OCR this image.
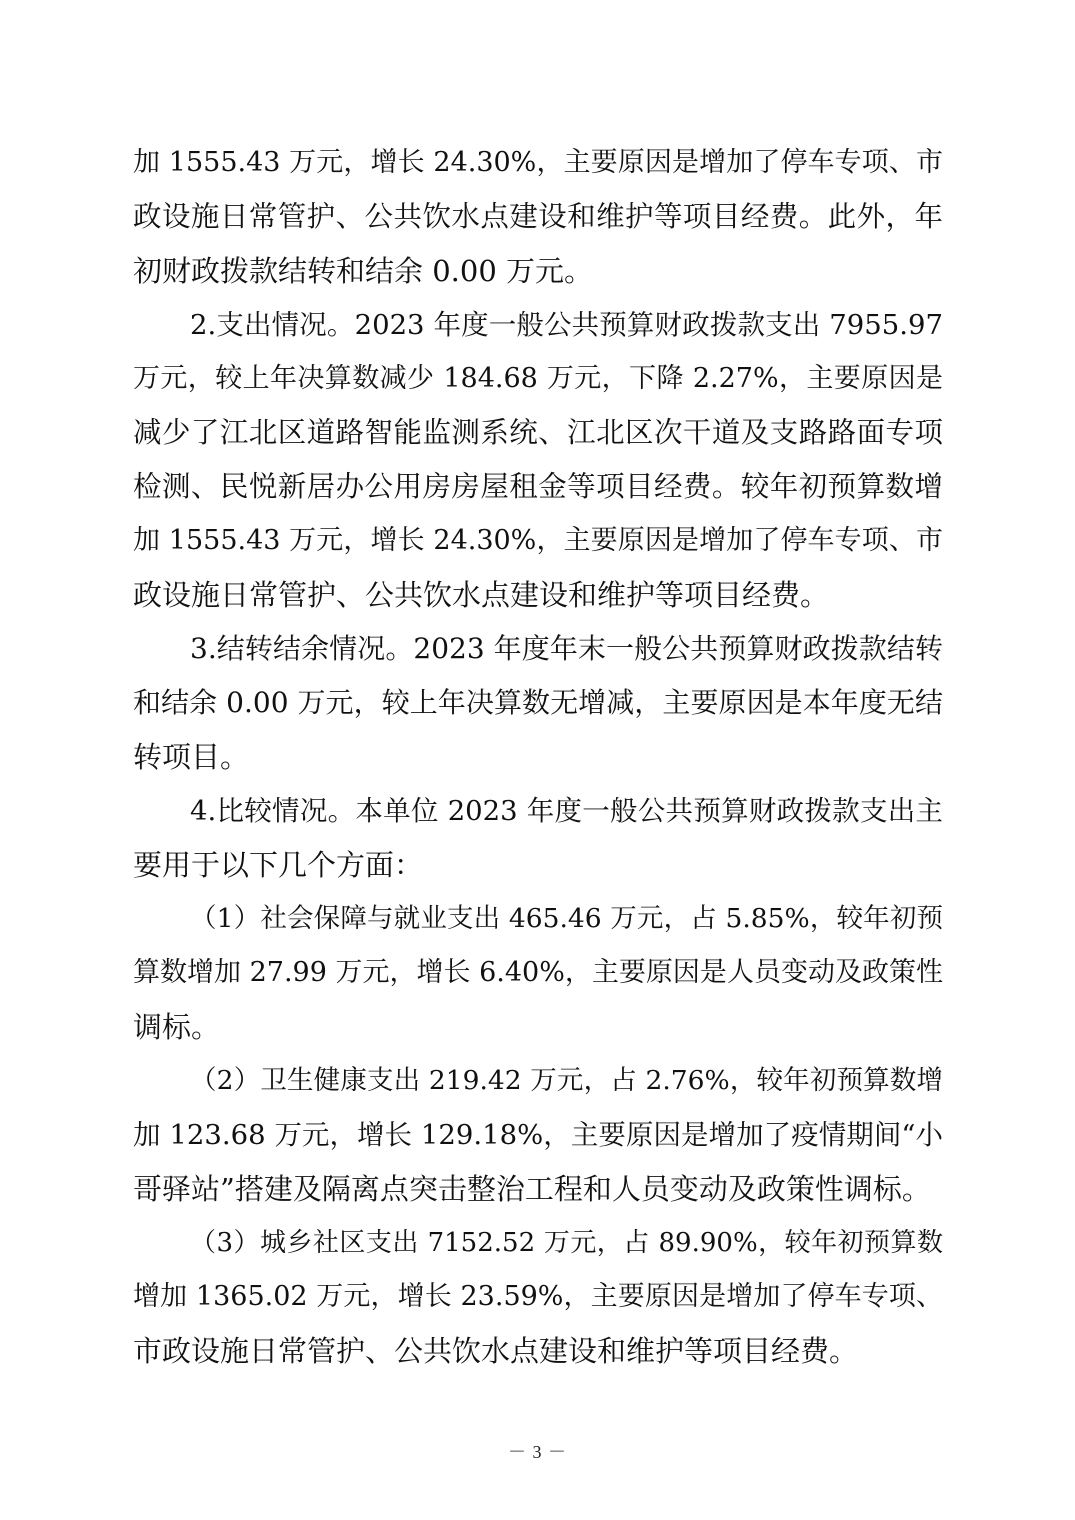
加 1555.43 万元，增长 24.30%，主要原因是增加了停车专项、市
政设施日常管护、公共饮水点建设和维护等项目经费。此外，年
初财政拨款结转和结余 0.00 万元。
2.支出情况。2023 年度一般公共预算财政拨款支出 7955.97
万元，较上年决算数减少 184.68 万元，下降 2.27%，主要原因是
减少了江北区道路智能监测系统、江北区次干道及支路路面专项
检测、民悦新居办公用房房屋租金等项目经费。较年初预算数增
加 1555.43 万元，增长 24.30%，主要原因是增加了停车专项、市
政设施日常管护、公共饮水点建设和维护等项目经费。
3.结转结余情况。2023 年度年末一般公共预算财政拨款结转
和结余 0.00 万元，较上年决算数无增减，主要原因是本年度无结
转项目。
4.比较情况。本单位 2023 年度一般公共预算财政拨款支出主
要用于以下几个方面：
（1）社会保障与就业支出 465.46 万元，占 5.85%，较年初预
算数增加 27.99 万元，增长 6.40%，主要原因是人员变动及政策性
调标。
（2）卫生健康支出 219.42 万元，占 2.76%，较年初预算数增
加 123.68 万元，增长 129.18%，主要原因是增加了疫情期间“小
哥驿站”搭建及隔离点突击整治工程和人员变动及政策性调标。
（3）城乡社区支出 7152.52 万元，占 89.90%，较年初预算数
增加 1365.02 万元，增长 23.59%，主要原因是增加了停车专项、
市政设施日常管护、公共饮水点建设和维护等项目经费。
－ 3 －
